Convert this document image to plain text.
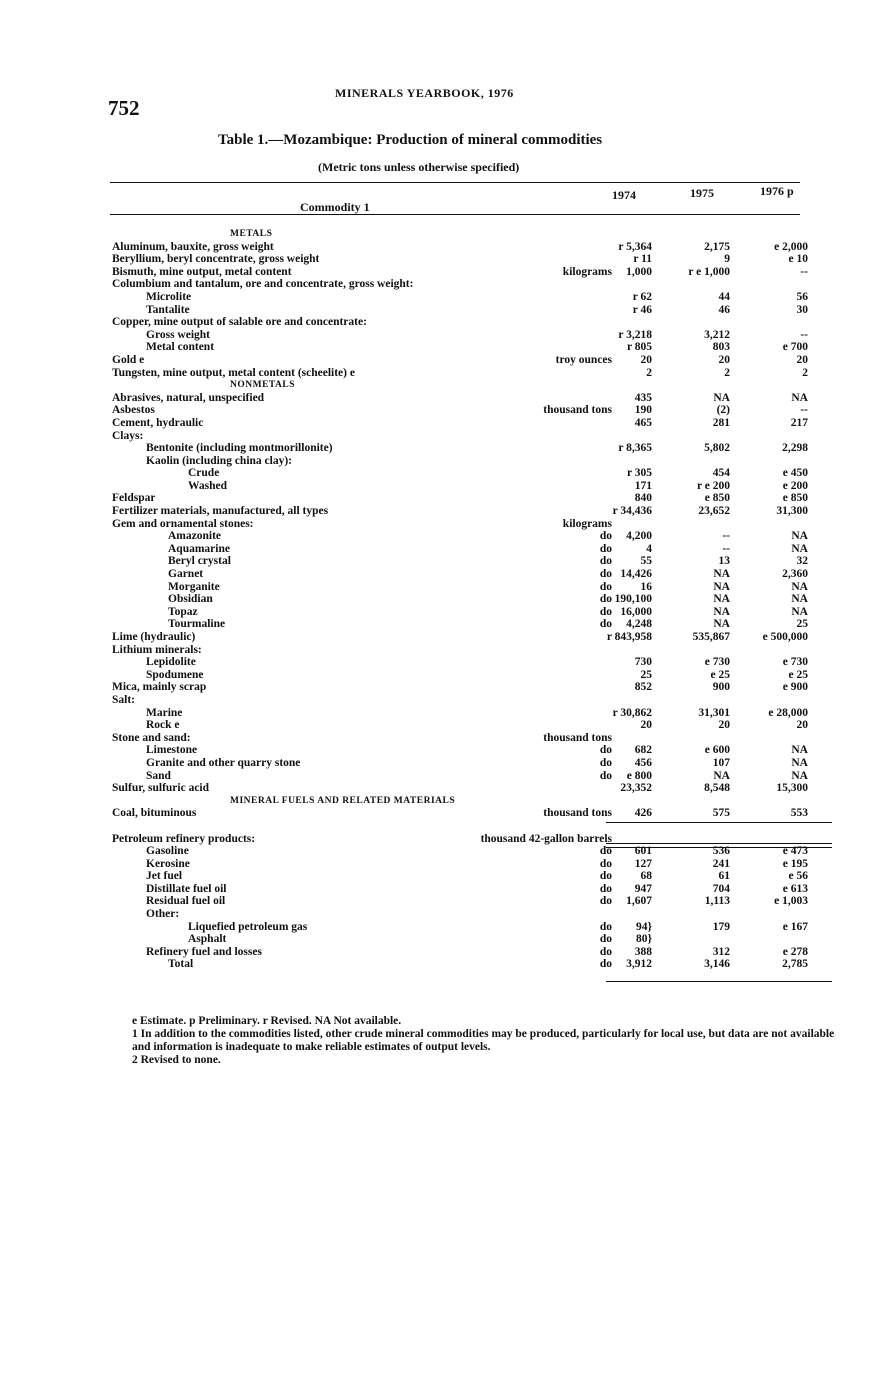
752
MINERALS YEARBOOK, 1976
Table 1.—Mozambique: Production of mineral commodities
(Metric tons unless otherwise specified)
Commodity 1
1974	1975	1976 p
METALS
Aluminum, bauxite, gross weight	r 5,364	2,175	e 2,000
Beryllium, beryl concentrate, gross weight	r 11	9	e 10
Bismuth, mine output, metal content	kilograms	1,000	r e 1,000	--
Columbium and tantalum, ore and concentrate, gross weight:
Microlite	r 62	44	56
Tantalite	r 46	46	30
Copper, mine output of salable ore and concentrate:
Gross weight	r 3,218	3,212	--
Metal content	r 805	803	e 700
Gold e	troy ounces	20	20	20
Tungsten, mine output, metal content (scheelite) e	2	2	2
NONMETALS
Abrasives, natural, unspecified	435	NA	NA
Asbestos	thousand tons	190	(2)	--
Cement, hydraulic	465	281	217
Clays:
Bentonite (including montmorillonite)	r 8,365	5,802	2,298
Kaolin (including china clay):
Crude	r 305	454	e 450
Washed	171	r e 200	e 200
Feldspar	840	e 850	e 850
Fertilizer materials, manufactured, all types	r 34,436	23,652	31,300
Gem and ornamental stones:	kilograms
Amazonite	do	4,200	--	NA
Aquamarine	do	4	--	NA
Beryl crystal	do	55	13	32
Garnet	do 14,426	NA	2,360
Morganite	do	16	NA	NA
Obsidian	do 190,100	NA	NA
Topaz	do 16,000	NA	NA
Tourmaline	do	4,248	NA	25
Lime (hydraulic)	r 843,958	535,867	e 500,000
Lithium minerals:
Lepidolite	730	e 730	e 730
Spodumene	25	e 25	e 25
Mica, mainly scrap	852	900	e 900
Salt:
Marine	r 30,862	31,301	e 28,000
Rock e	20	20	20
Stone and sand:	thousand tons
Limestone	do	682	e 600	NA
Granite and other quarry stone	do	456	107	NA
Sand	do	e 800	NA	NA
Sulfur, sulfuric acid	23,352	8,548	15,300
MINERAL FUELS AND RELATED MATERIALS
Coal, bituminous	thousand tons	426	575	553
Petroleum refinery products:	thousand 42-gallon barrels
Gasoline	do	601	536	e 473
Kerosine	do	127	241	e 195
Jet fuel	do	68	61	e 56
Distillate fuel oil	do	947	704	e 613
Residual fuel oil	do	1,607	1,113	e 1,003
Other:
Liquefied petroleum gas	do	94}	179	e 167
Asphalt	do	80}
Refinery fuel and losses	do	388	312	e 278
Total	do	3,912	3,146	2,785

e Estimate. p Preliminary. r Revised. NA Not available.

1 In addition to the commodities listed, other crude mineral commodities may be produced, particularly for local use, but data are not available and information is inadequate to make reliable estimates of output levels.

2 Revised to none.
